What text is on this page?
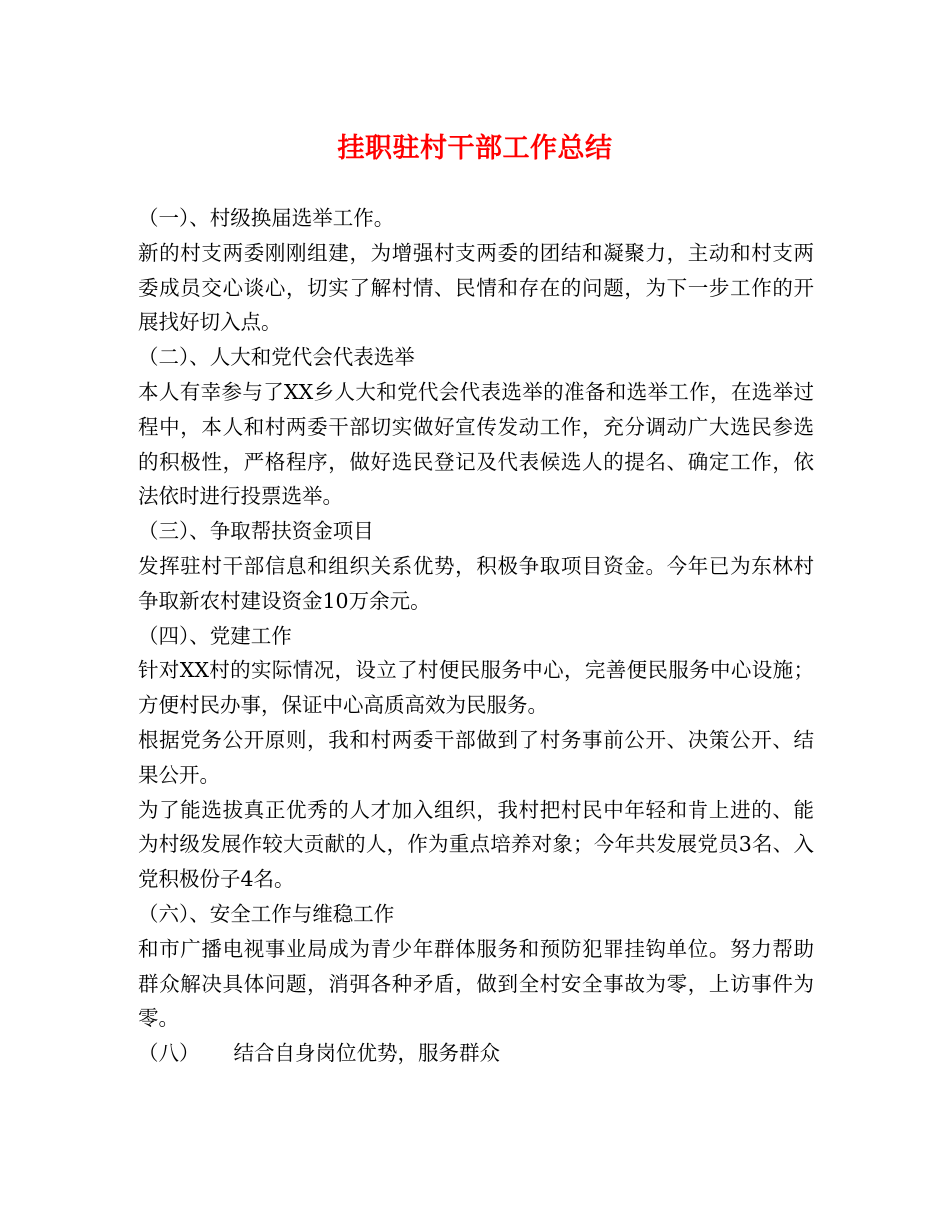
挂职驻村干部工作总结

（一）、村级换届选举工作。

新的村支两委刚刚组建，为增强村支两委的团结和凝聚力，主动和村支两委成员交心谈心，切实了解村情、民情和存在的问题，为下一步工作的开展找好切入点。

（二）、人大和党代会代表选举

本人有幸参与了XX乡人大和党代会代表选举的准备和选举工作，在选举过程中，本人和村两委干部切实做好宣传发动工作，充分调动广大选民参选的积极性，严格程序，做好选民登记及代表候选人的提名、确定工作，依法依时进行投票选举。

（三）、争取帮扶资金项目

发挥驻村干部信息和组织关系优势，积极争取项目资金。今年已为东林村争取新农村建设资金10万余元。

（四）、党建工作

针对XX村的实际情况，设立了村便民服务中心，完善便民服务中心设施；方便村民办事，保证中心高质高效为民服务。

根据党务公开原则，我和村两委干部做到了村务事前公开、决策公开、结果公开。

为了能选拔真正优秀的人才加入组织，我村把村民中年轻和肯上进的、能为村级发展作较大贡献的人，作为重点培养对象；今年共发展党员3名、入党积极份子4名。

（六）、安全工作与维稳工作

和市广播电视事业局成为青少年群体服务和预防犯罪挂钩单位。努力帮助群众解决具体问题，消弭各种矛盾，做到全村安全事故为零，上访事件为零。

（八） 结合自身岗位优势，服务群众
